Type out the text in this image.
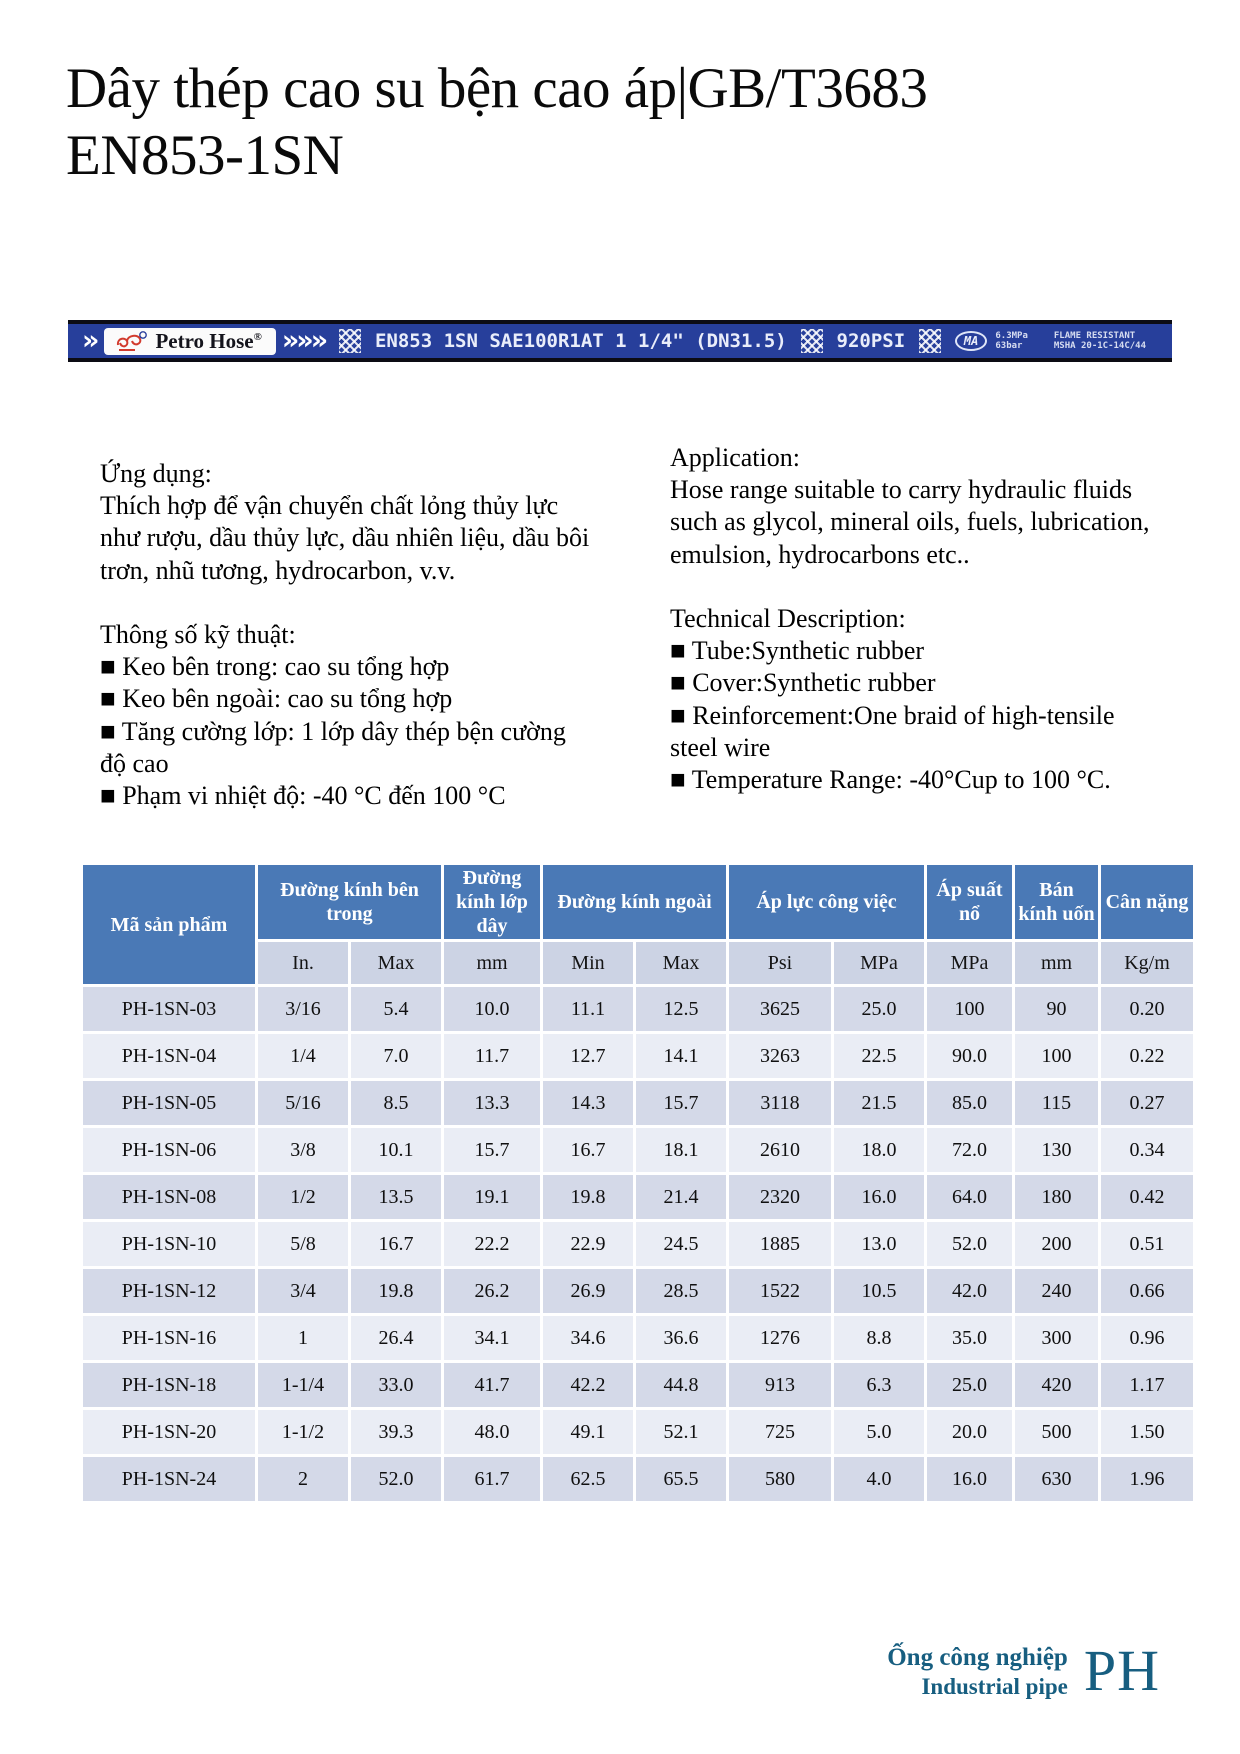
Dây thép cao su bện cao áp|GB/T3683
EN853-1SN
»	Petro Hose® »»»	EN853 1SN SAE100R1AT 1 1/4" (DN31.5)	920PSI	MA	6.3MPa
63bar
FLAME RESISTANT
MSHA 20-1C-14C/44
Ứng dụng:

Thích hợp để vận chuyển chất lỏng thủy lực như rượu, dầu thủy lực, dầu nhiên liệu, dầu bôi trơn, nhũ tương, hydrocarbon, v.v.

Thông số kỹ thuật:
■ Keo bên trong: cao su tổng hợp
■ Keo bên ngoài: cao su tổng hợp
■ Tăng cường lớp: 1 lớp dây thép bện cường độ cao
■ Phạm vi nhiệt độ: -40 °C đến 100 °C
Application:

Hose range suitable to carry hydraulic fluids such as glycol, mineral oils, fuels, lubrication, emulsion, hydrocarbons etc..

Technical Description:
■ Tube:Synthetic rubber
■ Cover:Synthetic rubber
■ Reinforcement:One braid of high-tensile steel wire
■ Temperature Range: -40°Cup to 100 °C.
Mã sản phẩm	Đường kính bên trong		Đường kính lớp dây	Đường kính ngoài		Áp lực công việc		Áp suất nổ	Bán kính uốn	Cân nặng
	In.	Max	mm	Min	Max	Psi	MPa	MPa	mm	Kg/m
PH-1SN-03	3/16	5.4	10.0	11.1	12.5	3625	25.0	100	90	0.20
PH-1SN-04	1/4	7.0	11.7	12.7	14.1	3263	22.5	90.0	100	0.22
PH-1SN-05	5/16	8.5	13.3	14.3	15.7	3118	21.5	85.0	115	0.27
PH-1SN-06	3/8	10.1	15.7	16.7	18.1	2610	18.0	72.0	130	0.34
PH-1SN-08	1/2	13.5	19.1	19.8	21.4	2320	16.0	64.0	180	0.42
PH-1SN-10	5/8	16.7	22.2	22.9	24.5	1885	13.0	52.0	200	0.51
PH-1SN-12	3/4	19.8	26.2	26.9	28.5	1522	10.5	42.0	240	0.66
PH-1SN-16	1	26.4	34.1	34.6	36.6	1276	8.8	35.0	300	0.96
PH-1SN-18	1-1/4	33.0	41.7	42.2	44.8	913	6.3	25.0	420	1.17
PH-1SN-20	1-1/2	39.3	48.0	49.1	52.1	725	5.0	20.0	500	1.50
PH-1SN-24	2	52.0	61.7	62.5	65.5	580	4.0	16.0	630	1.96
Ống công nghiệp
Industrial pipe PH
